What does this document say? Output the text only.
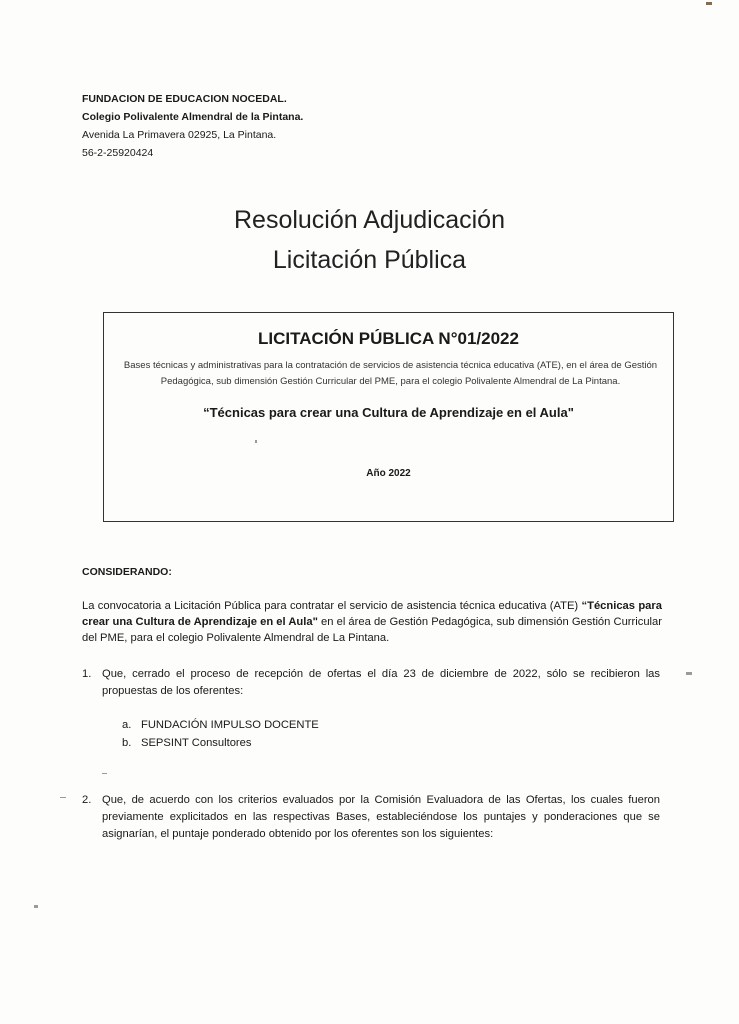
FUNDACION DE EDUCACION NOCEDAL.
Colegio Polivalente Almendral de la Pintana.
Avenida La Primavera 02925, La Pintana.
56-2-25920424
Resolución Adjudicación
Licitación Pública
LICITACIÓN PÚBLICA N°01/2022
Bases técnicas y administrativas para la contratación de servicios de asistencia técnica educativa (ATE), en el área de Gestión Pedagógica, sub dimensión Gestión Curricular del PME, para el colegio Polivalente Almendral de La Pintana.
“Técnicas para crear una Cultura de Aprendizaje en el Aula"
Año 2022
CONSIDERANDO:
La convocatoria a Licitación Pública para contratar el servicio de asistencia técnica educativa (ATE) “Técnicas para crear una Cultura de Aprendizaje en el Aula" en el área de Gestión Pedagógica, sub dimensión Gestión Curricular del PME, para el colegio Polivalente Almendral de La Pintana.
1. Que, cerrado el proceso de recepción de ofertas el día 23 de diciembre de 2022, sólo se recibieron las propuestas de los oferentes:
a. FUNDACIÓN IMPULSO DOCENTE
b. SEPSINT Consultores
2. Que, de acuerdo con los criterios evaluados por la Comisión Evaluadora de las Ofertas, los cuales fueron previamente explicitados en las respectivas Bases, estableciéndose los puntajes y ponderaciones que se asignarían, el puntaje ponderado obtenido por los oferentes son los siguientes:
